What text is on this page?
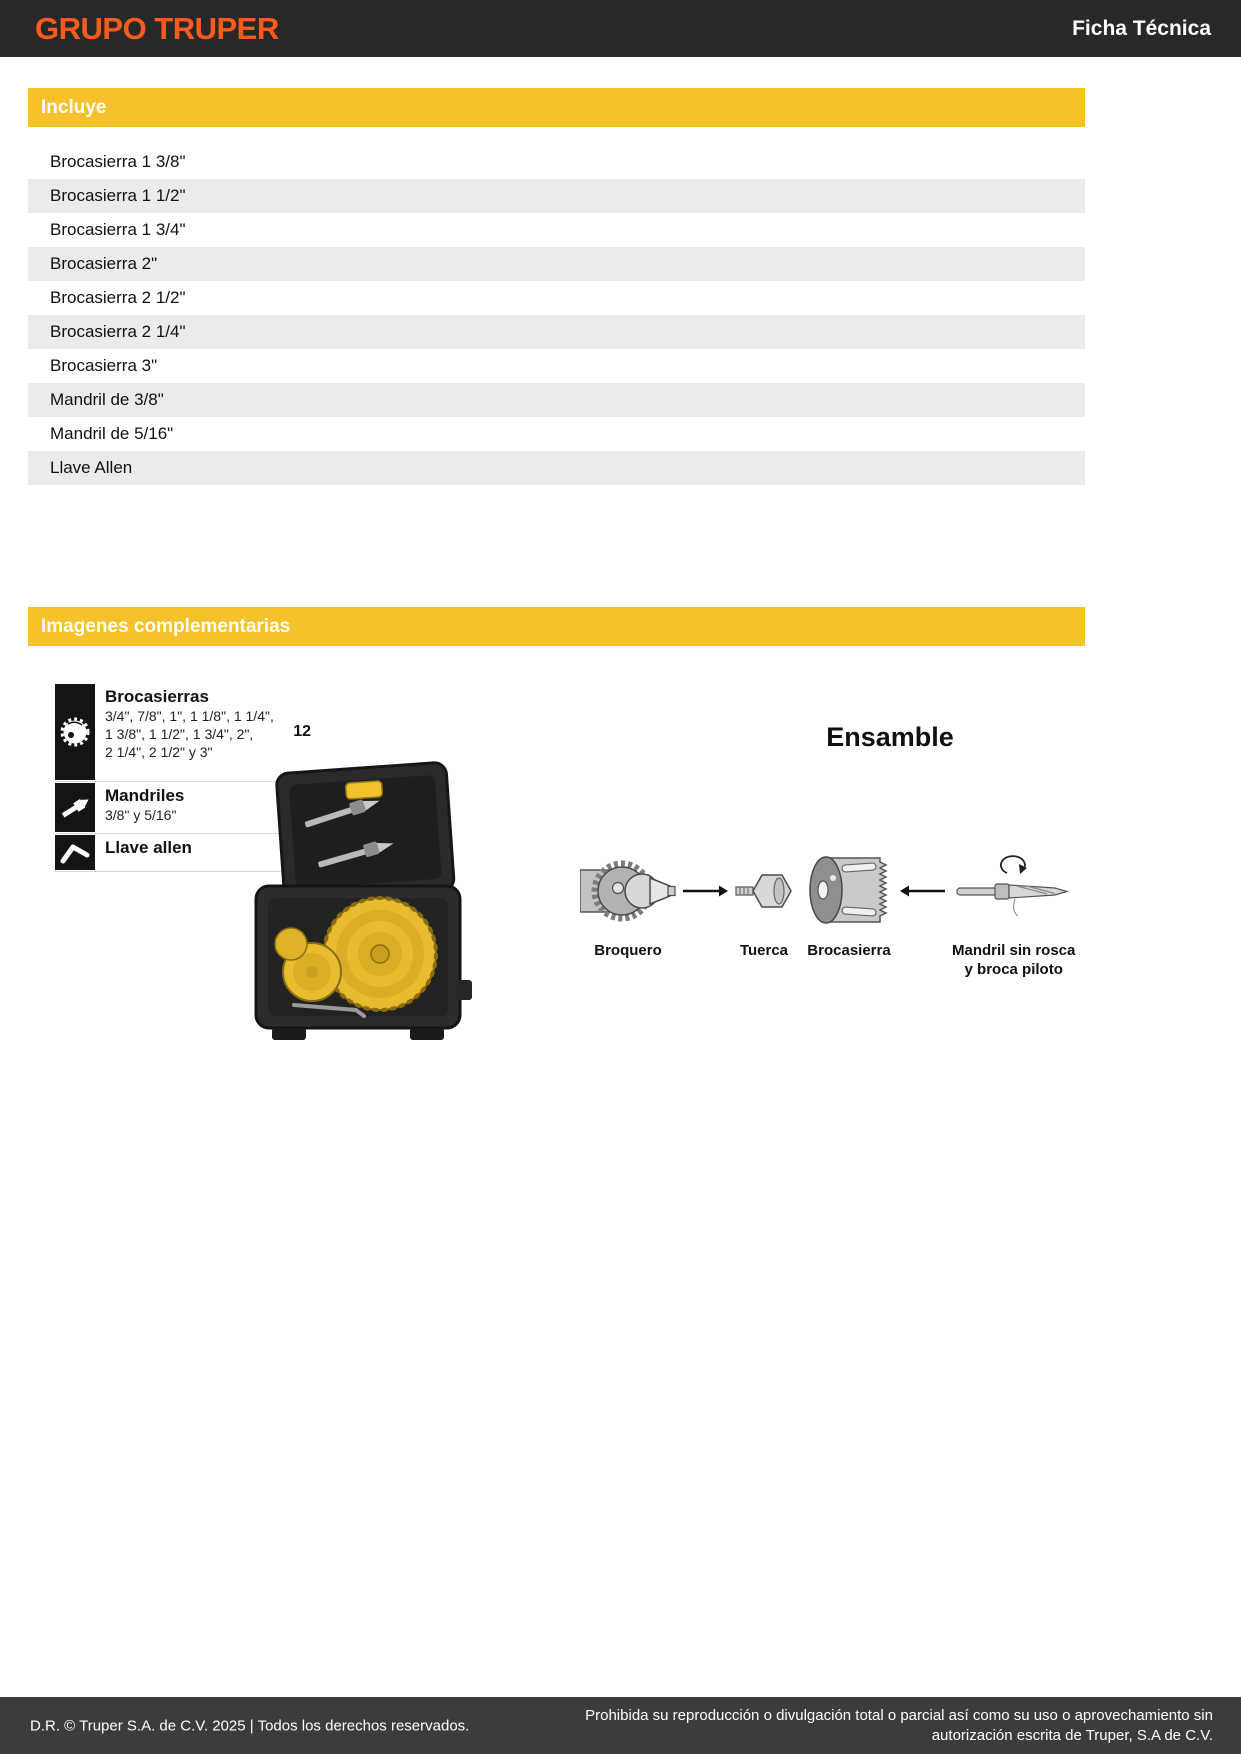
GRUPO TRUPER	Ficha Técnica
Incluye
Brocasierra 1 3/8"
Brocasierra 1 1/2"
Brocasierra 1 3/4"
Brocasierra 2"
Brocasierra 2 1/2"
Brocasierra 2 1/4"
Brocasierra 3"
Mandril de 3/8"
Mandril de 5/16"
Llave Allen
Imagenes complementarias
Brocasierras
3/4", 7/8", 1", 1 1/8", 1 1/4",
1 3/8", 1 1/2", 1 3/4", 2",
2 1/4", 2 1/2" y 3"
12
Mandriles
3/8" y 5/16"
Llave allen
Ensamble
Broquero	Tuerca Brocasierra	Mandril sin rosca
y broca piloto
D.R. © Truper S.A. de C.V. 2025 | Todos los derechos reservados.
Prohibida su reproducción o divulgación total o parcial así como su uso o aprovechamiento sin autorización escrita de Truper, S.A de C.V.
